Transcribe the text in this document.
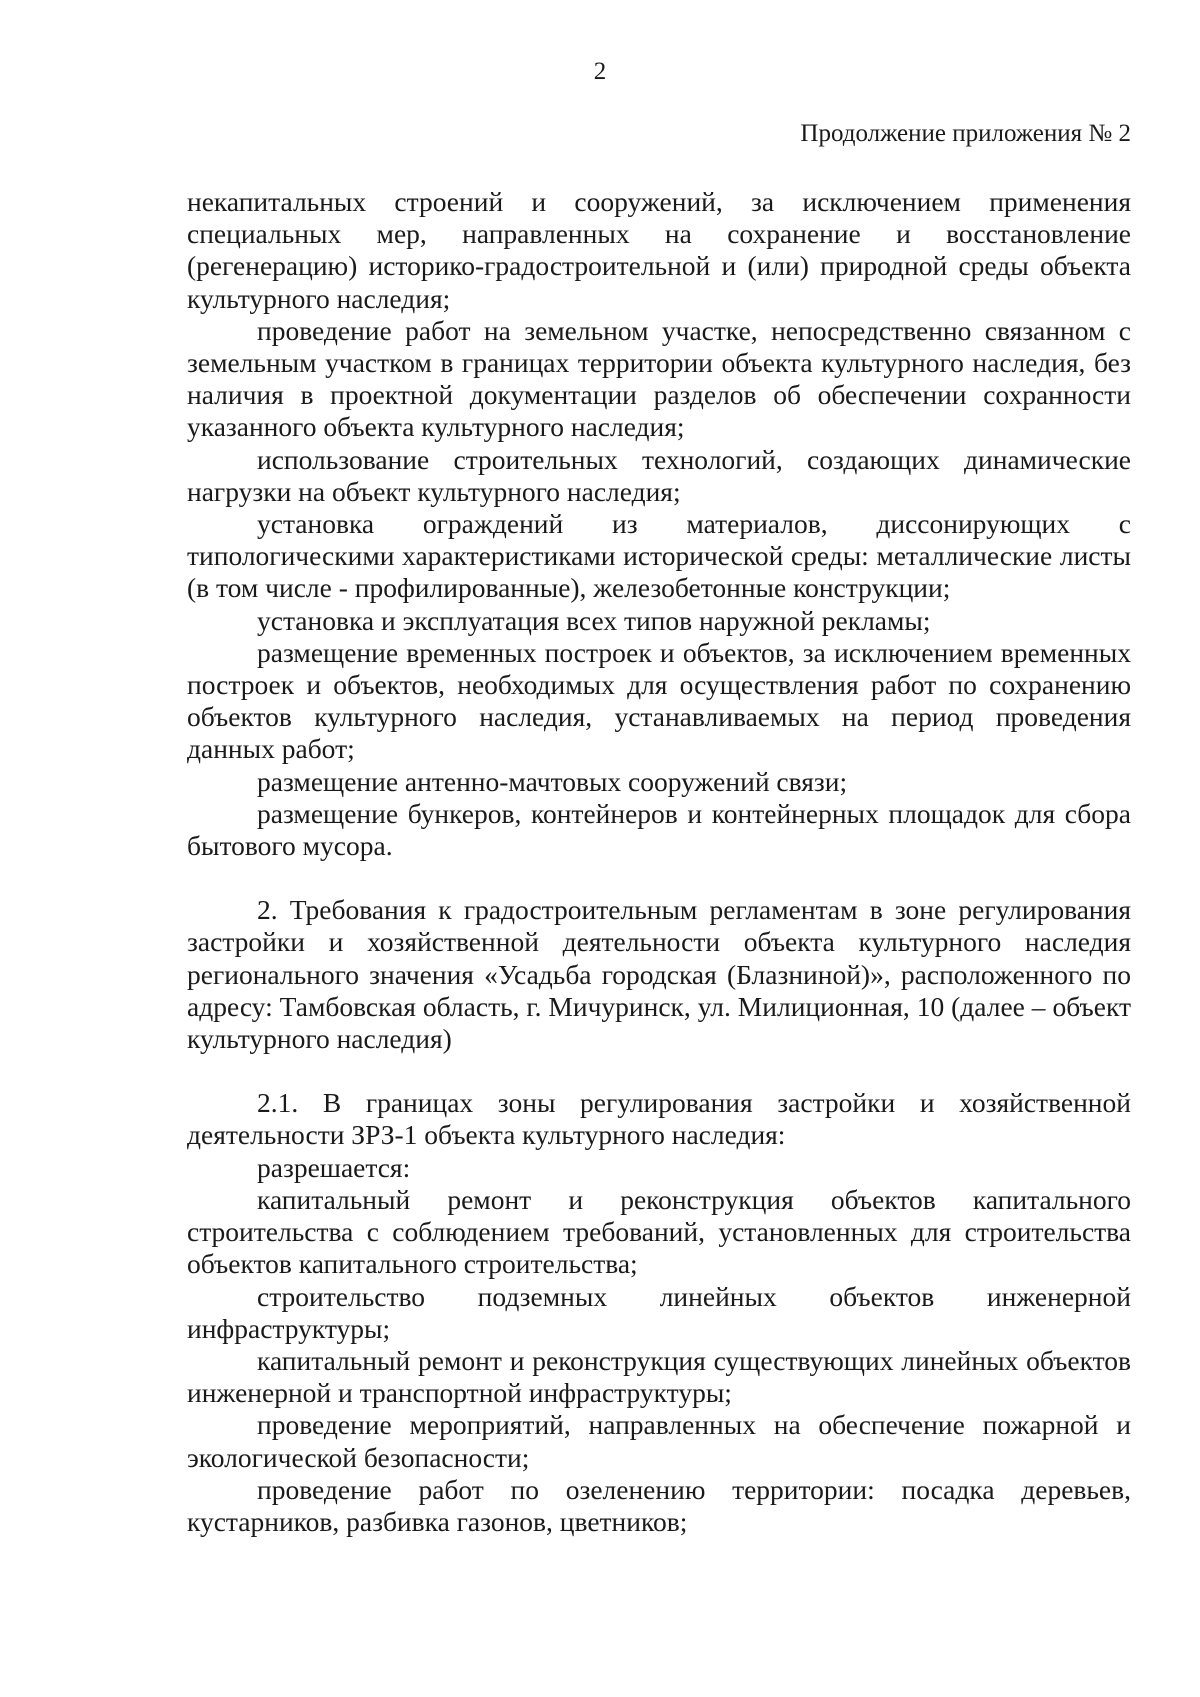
2
Продолжение приложения № 2

некапитальных строений и сооружений, за исключением применения специальных мер, направленных на сохранение и восстановление (регенерацию) историко-градостроительной и (или) природной среды объекта культурного наследия;

проведение работ на земельном участке, непосредственно связанном с земельным участком в границах территории объекта культурного наследия, без наличия в проектной документации разделов об обеспечении сохранности указанного объекта культурного наследия;

использование строительных технологий, создающих динамические нагрузки на объект культурного наследия;

установка ограждений из материалов, диссонирующих с типологическими характеристиками исторической среды: металлические листы (в том числе - профилированные), железобетонные конструкции;

установка и эксплуатация всех типов наружной рекламы;

размещение временных построек и объектов, за исключением временных построек и объектов, необходимых для осуществления работ по сохранению объектов культурного наследия, устанавливаемых на период проведения данных работ;

размещение антенно-мачтовых сооружений связи;

размещение бункеров, контейнеров и контейнерных площадок для сбора бытового мусора.

2. Требования к градостроительным регламентам в зоне регулирования застройки и хозяйственной деятельности объекта культурного наследия регионального значения «Усадьба городская (Блазниной)», расположенного по адресу: Тамбовская область, г. Мичуринск, ул. Милиционная, 10 (далее – объект культурного наследия)

2.1. В границах зоны регулирования застройки и хозяйственной деятельности ЗРЗ-1 объекта культурного наследия:

разрешается:

капитальный ремонт и реконструкция объектов капитального строительства с соблюдением требований, установленных для строительства объектов капитального строительства;

строительство подземных линейных объектов инженерной инфраструктуры;

капитальный ремонт и реконструкция существующих линейных объектов инженерной и транспортной инфраструктуры;

проведение мероприятий, направленных на обеспечение пожарной и экологической безопасности;

проведение работ по озеленению территории: посадка деревьев, кустарников, разбивка газонов, цветников;
